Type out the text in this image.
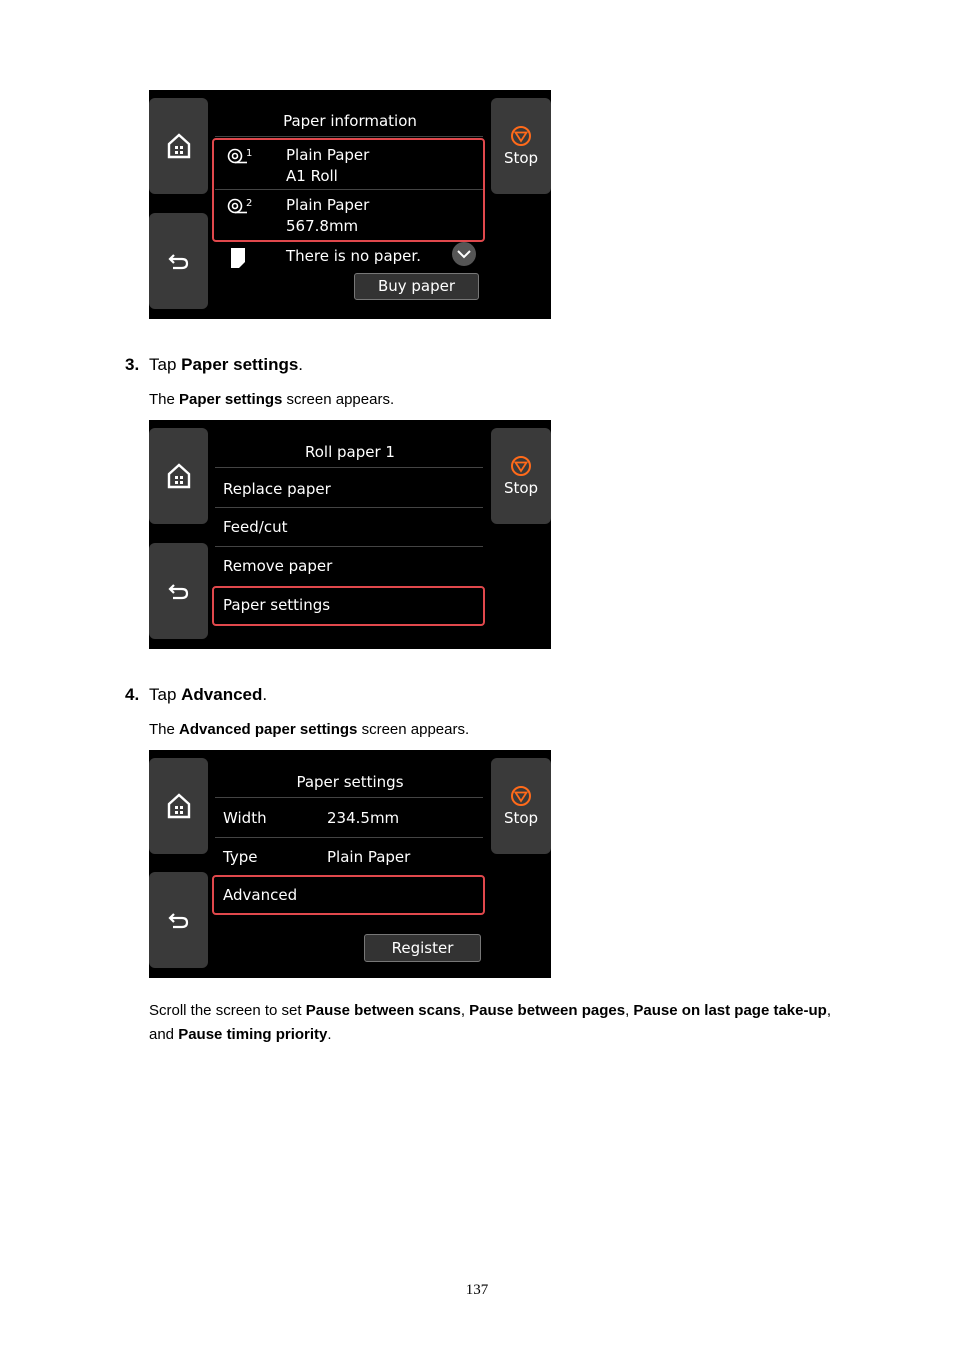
Paper information
1 Plain Paper
A1 Roll
2 Plain Paper
567.8mm
There is no paper.
Buy paper
Stop
3. Tap Paper settings.
The Paper settings screen appears.
Roll paper 1
Replace paper
Feed/cut
Remove paper
Paper settings
Stop
4. Tap Advanced.
The Advanced paper settings screen appears.
Paper settings
Width	234.5mm
Type	Plain Paper
Advanced
Register
Stop
Scroll the screen to set Pause between scans, Pause between pages, Pause on last page take-up, and Pause timing priority.
137
